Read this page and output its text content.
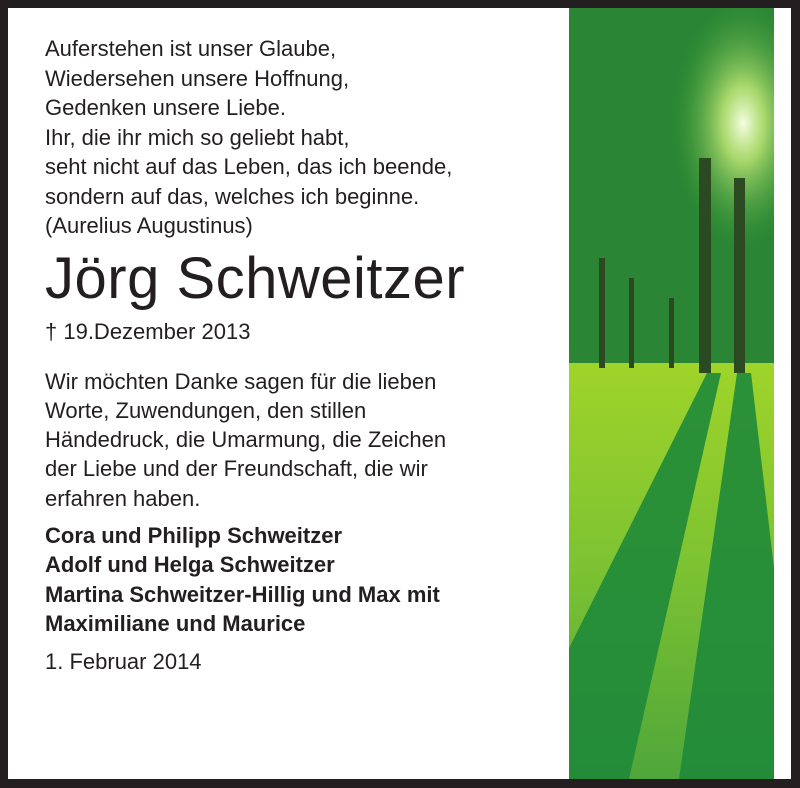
Auferstehen ist unser Glaube,
Wiedersehen unsere Hoffnung,
Gedenken unsere Liebe.
Ihr, die ihr mich so geliebt habt,
seht nicht auf das Leben, das ich beende,
sondern auf das, welches ich beginne.
(Aurelius Augustinus)
Jörg Schweitzer
† 19.Dezember 2013
Wir möchten Danke sagen für die lieben
Worte, Zuwendungen, den stillen
Händedruck, die Umarmung, die Zeichen
der Liebe und der Freundschaft, die wir
erfahren haben.
Cora und Philipp Schweitzer
Adolf und Helga Schweitzer
Martina Schweitzer-Hillig und Max mit
Maximiliane und Maurice
1. Februar 2014
